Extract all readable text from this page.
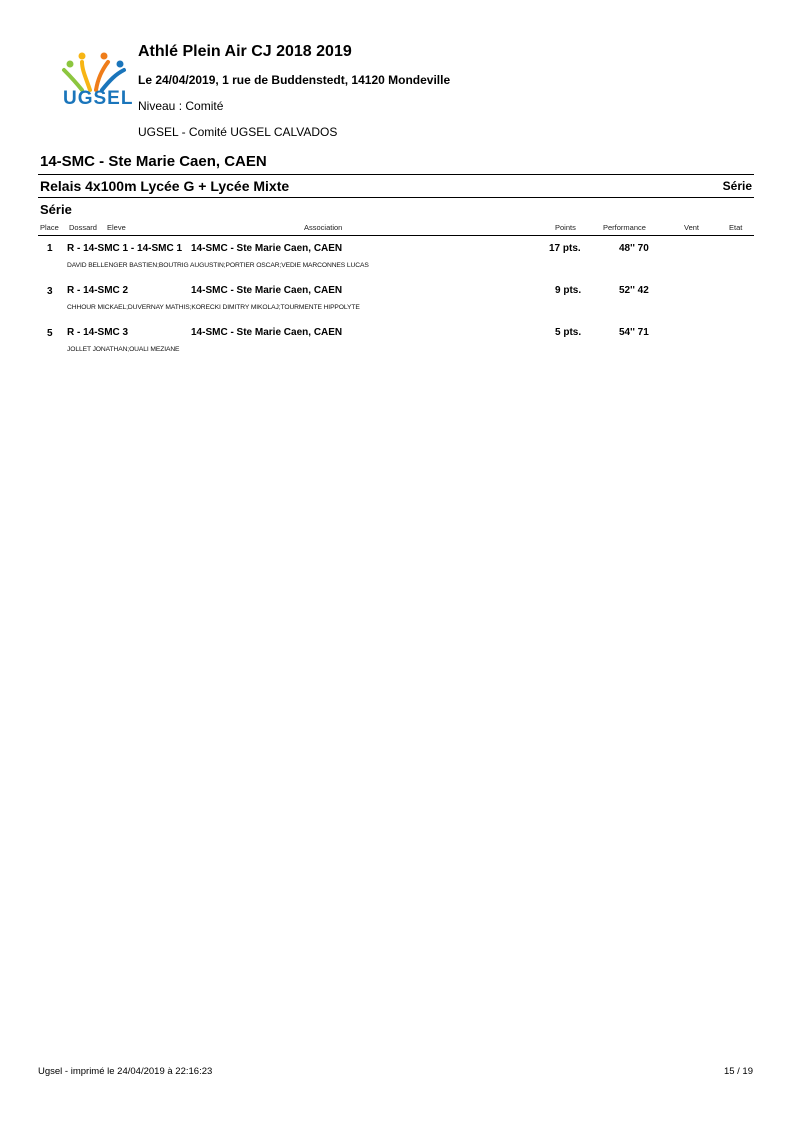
UGSEL
Athlé Plein Air CJ 2018 2019
Le 24/04/2019, 1 rue de Buddenstedt, 14120 Mondeville
Niveau : Comité
UGSEL - Comité UGSEL CALVADOS
14-SMC - Ste Marie Caen, CAEN
Relais 4x100m Lycée G + Lycée Mixte	Série
Série
Place Dossard Eleve	Association	Points	Performance	Vent	Etat
1 R - 14-SMC 1 - 14-SMC 1 14-SMC - Ste Marie Caen, CAEN	17 pts.	48'' 70
DAVID BELLENGER BASTIEN;BOUTRIG AUGUSTIN;PORTIER OSCAR;VEDIE MARCONNES LUCAS
3 R - 14-SMC 2	14-SMC - Ste Marie Caen, CAEN	9 pts.	52'' 42
CHHOUR MICKAEL;DUVERNAY MATHIS;KORECKI DIMITRY MIKOLAJ;TOURMENTE HIPPOLYTE
5 R - 14-SMC 3	14-SMC - Ste Marie Caen, CAEN	5 pts.	54'' 71
JOLLET JONATHAN;OUALI MEZIANE
Ugsel - imprimé le 24/04/2019 à 22:16:23	15 / 19
